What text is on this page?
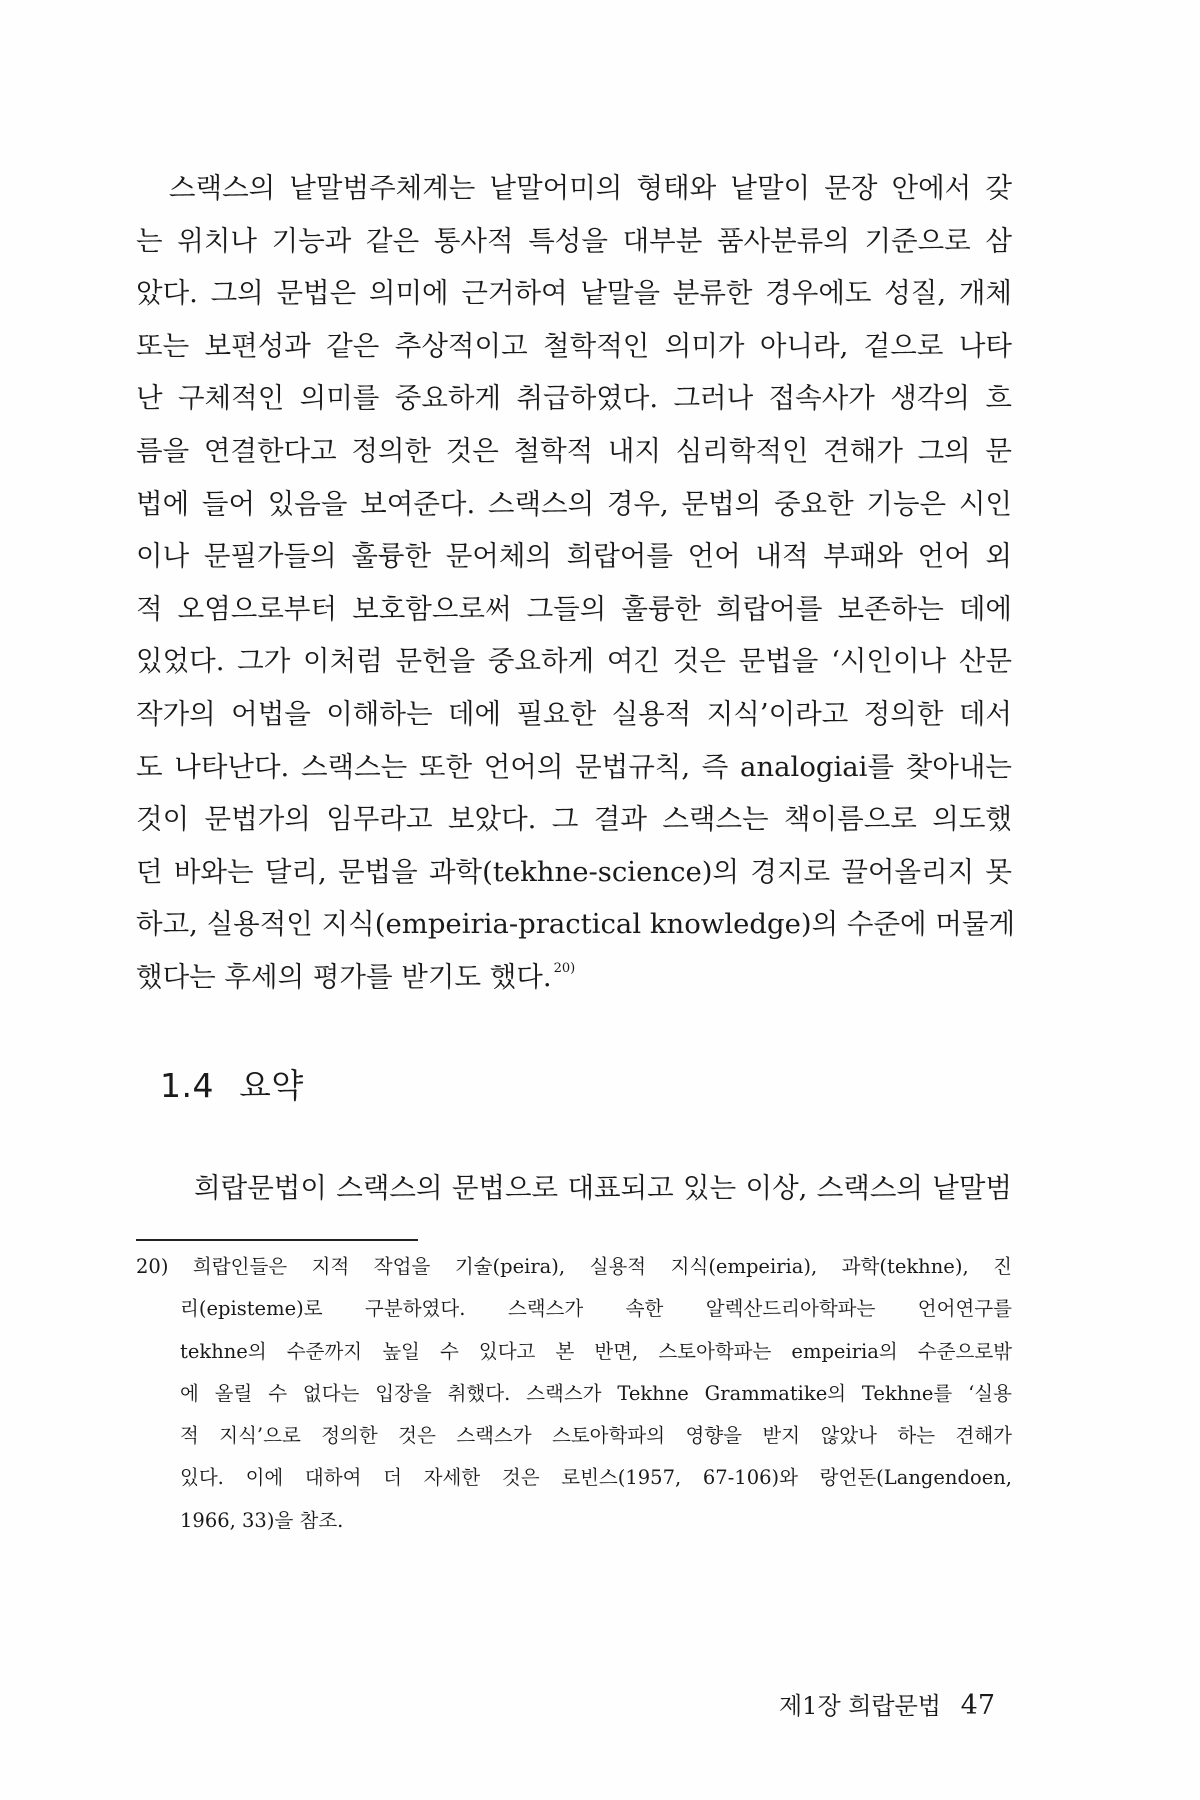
　스랙스의 낱말범주체계는 낱말어미의 형태와 낱말이 문장 안에서 갖
는 위치나 기능과 같은 통사적 특성을 대부분 품사분류의 기준으로 삼
았다. 그의 문법은 의미에 근거하여 낱말을 분류한 경우에도 성질, 개체
또는 보편성과 같은 추상적이고 철학적인 의미가 아니라, 겉으로 나타
난 구체적인 의미를 중요하게 취급하였다. 그러나 접속사가 생각의 흐
름을 연결한다고 정의한 것은 철학적 내지 심리학적인 견해가 그의 문
법에 들어 있음을 보여준다. 스랙스의 경우, 문법의 중요한 기능은 시인
이나 문필가들의 훌륭한 문어체의 희랍어를 언어 내적 부패와 언어 외
적 오염으로부터 보호함으로써 그들의 훌륭한 희랍어를 보존하는 데에
있었다. 그가 이처럼 문헌을 중요하게 여긴 것은 문법을 ‘시인이나 산문
작가의 어법을 이해하는 데에 필요한 실용적 지식’이라고 정의한 데서
도 나타난다. 스랙스는 또한 언어의 문법규칙, 즉 analogiai를 찾아내는
것이 문법가의 임무라고 보았다. 그 결과 스랙스는 책이름으로 의도했
던 바와는 달리, 문법을 과학(tekhne-science)의 경지로 끌어올리지 못
하고, 실용적인 지식(empeiria-practical knowledge)의 수준에 머물게
했다는 후세의 평가를 받기도 했다. $^{20)}$
1.4 요약
　희랍문법이 스랙스의 문법으로 대표되고 있는 이상, 스랙스의 낱말범
20) 희랍인들은 지적 작업을 기술(peira), 실용적 지식(empeiria), 과학(tekhne), 진
리(episteme)로 구분하였다. 스랙스가 속한 알렉산드리아학파는 언어연구를
tekhne의 수준까지 높일 수 있다고 본 반면, 스토아학파는 empeiria의 수준으로밖
에 올릴 수 없다는 입장을 취했다. 스랙스가 Tekhne Grammatike의 Tekhne를 ‘실용
적 지식’으로 정의한 것은 스랙스가 스토아학파의 영향을 받지 않았나 하는 견해가
있다. 이에 대하여 더 자세한 것은 로빈스(1957, 67-106)와 랑언돈(Langendoen,
1966, 33)을 참조.
제1장 희랍문법 47
